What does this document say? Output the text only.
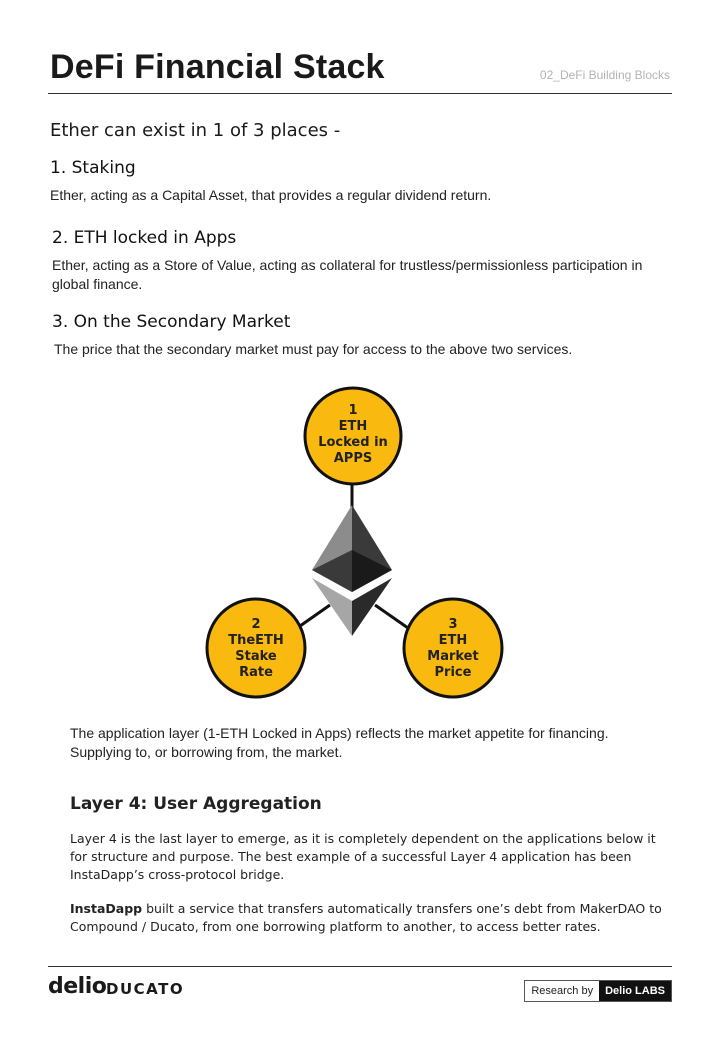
DeFi Financial Stack	02_DeFi Building Blocks
Ether can exist in 1 of 3 places -
1. Staking
Ether, acting as a Capital Asset, that provides a regular dividend return.
2. ETH locked in Apps
Ether, acting as a Store of Value, acting as collateral for trustless/permissionless participation in global finance.
3. On the Secondary Market
The price that the secondary market must pay for access to the above two services.
1
ETH
Locked in
APPS
2
TheETH
Stake
Rate
3
ETH
Market
Price
The application layer (1-ETH Locked in Apps) reflects the market appetite for financing. Supplying to, or borrowing from, the market.
Layer 4: User Aggregation
Layer 4 is the last layer to emerge, as it is completely dependent on the applications below it for structure and purpose. The best example of a successful Layer 4 application has been InstaDapp’s cross-protocol bridge.
InstaDapp built a service that transfers automatically transfers one’s debt from MakerDAO to Compound / Ducato, from one borrowing platform to another, to access better rates.
delio DUCATO	Research by	Delio LABS
